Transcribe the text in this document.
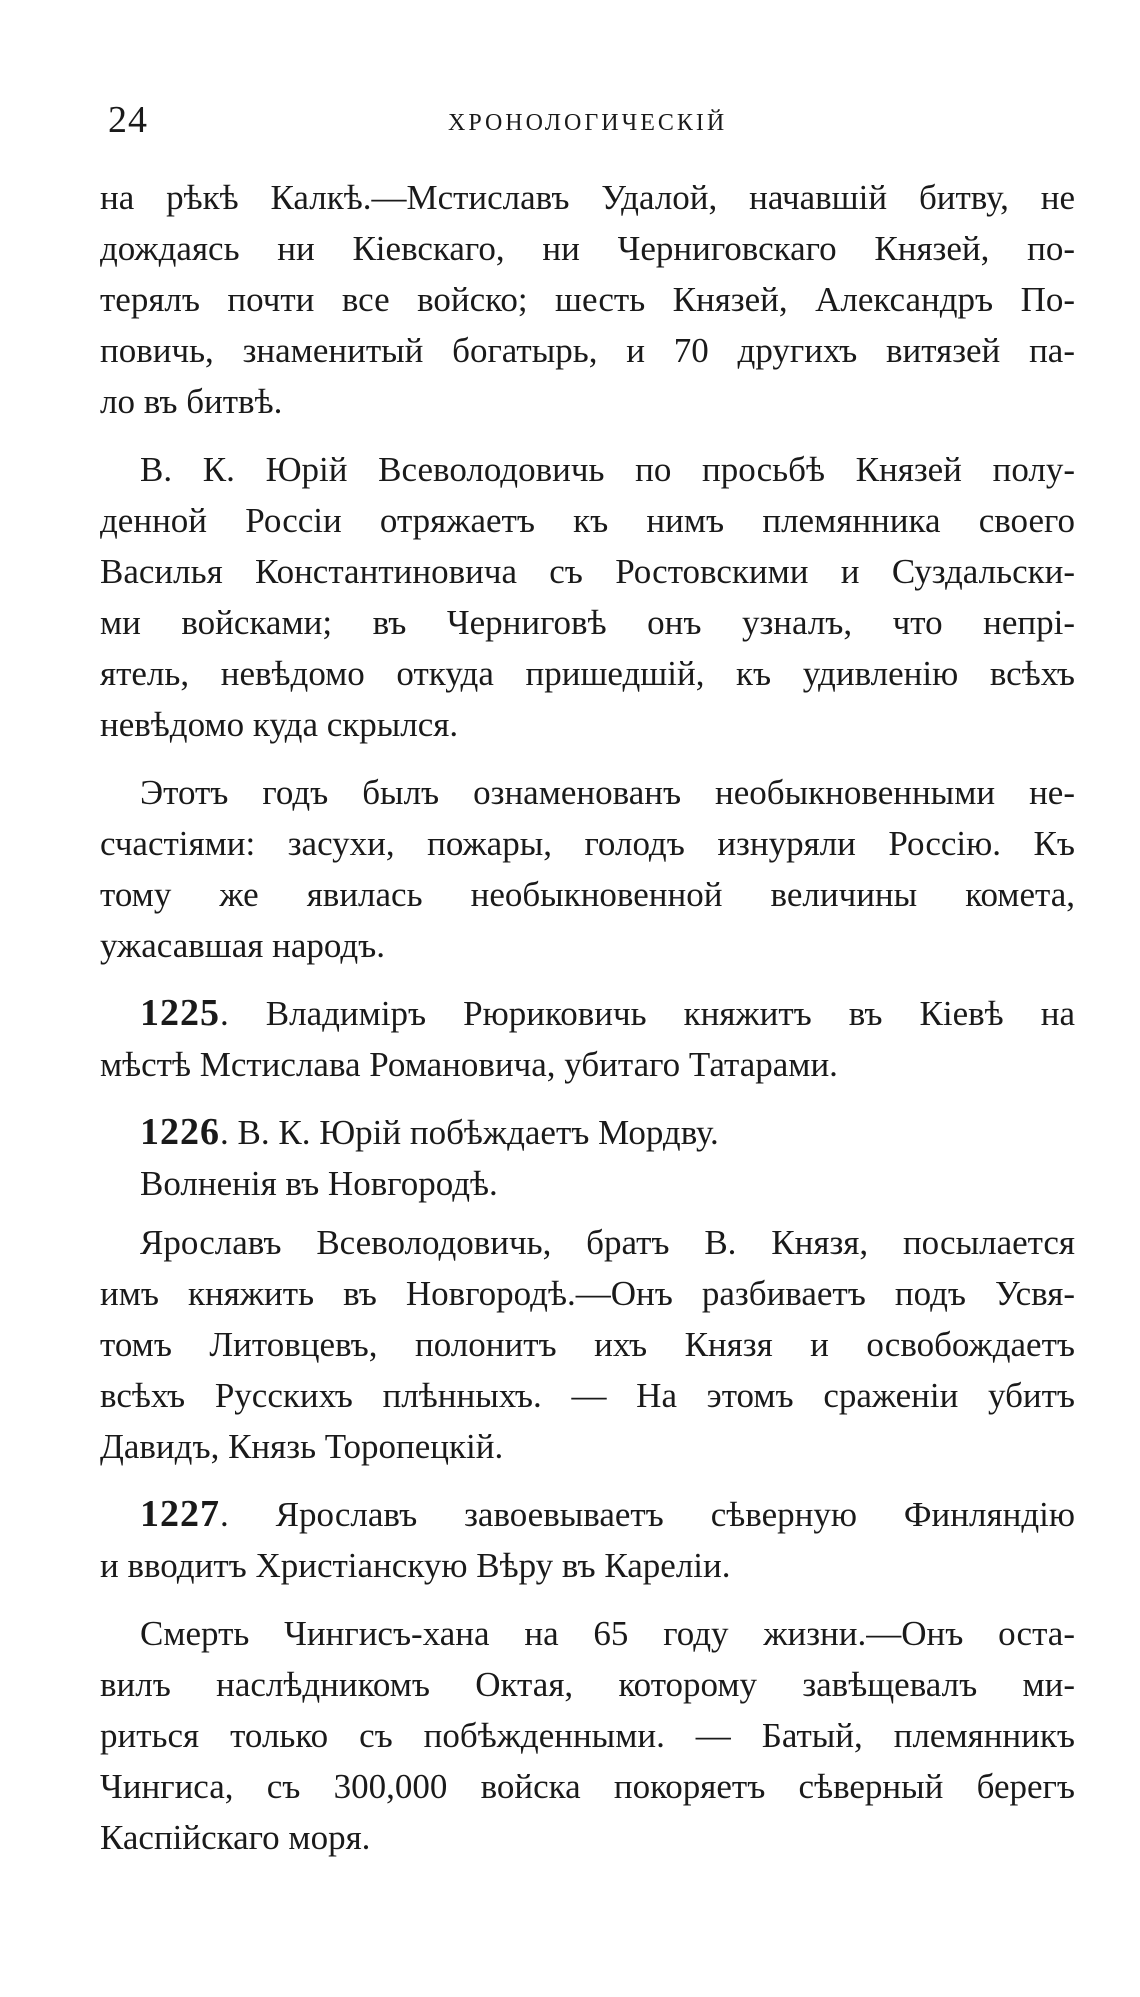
24	ХРОНОЛОГИЧЕСКІЙ
на рѣкѣ Калкѣ.—Мстиславъ Удалой, начавшій битву, не
дождаясь ни Кіевскаго, ни Черниговскаго Князей, по-
терялъ почти все войско; шесть Князей, Александръ По-
повичь, знаменитый богатырь, и 70 другихъ витязей па-
ло въ битвѣ.
В. К. Юрій Всеволодовичь по просьбѣ Князей полу-
денной Россіи отряжаетъ къ нимъ племянника своего
Василья Константиновича съ Ростовскими и Суздальски-
ми войсками; въ Черниговѣ онъ узналъ, что непрі-
ятель, невѣдомо откуда пришедшій, къ удивленію всѣхъ
невѣдомо куда скрылся.
Этотъ годъ былъ ознаменованъ необыкновенными не-
счастіями: засухи, пожары, голодъ изнуряли Россію. Къ
тому же явилась необыкновенной величины комета,
ужасавшая народъ.
1225. Владиміръ Рюриковичь княжитъ въ Кіевѣ на
мѣстѣ Мстислава Романовича, убитаго Татарами.
1226. В. К. Юрій побѣждаетъ Мордву.
Волненія въ Новгородѣ.
Ярославъ Всеволодовичь, братъ В. Князя, посылается
имъ княжить въ Новгородѣ.—Онъ разбиваетъ подъ Усвя-
томъ Литовцевъ, полонитъ ихъ Князя и освобождаетъ
всѣхъ Русскихъ плѣнныхъ. — На этомъ сраженіи убитъ
Давидъ, Князь Торопецкій.
1227. Ярославъ завоевываетъ сѣверную Финляндію
и вводитъ Христіанскую Вѣру въ Кареліи.
Смерть Чингисъ-хана на 65 году жизни.—Онъ оста-
вилъ наслѣдникомъ Октая, которому завѣщевалъ ми-
риться только съ побѣжденными. — Батый, племянникъ
Чингиса, съ 300,000 войска покоряетъ сѣверный берегъ
Каспійскаго моря.
